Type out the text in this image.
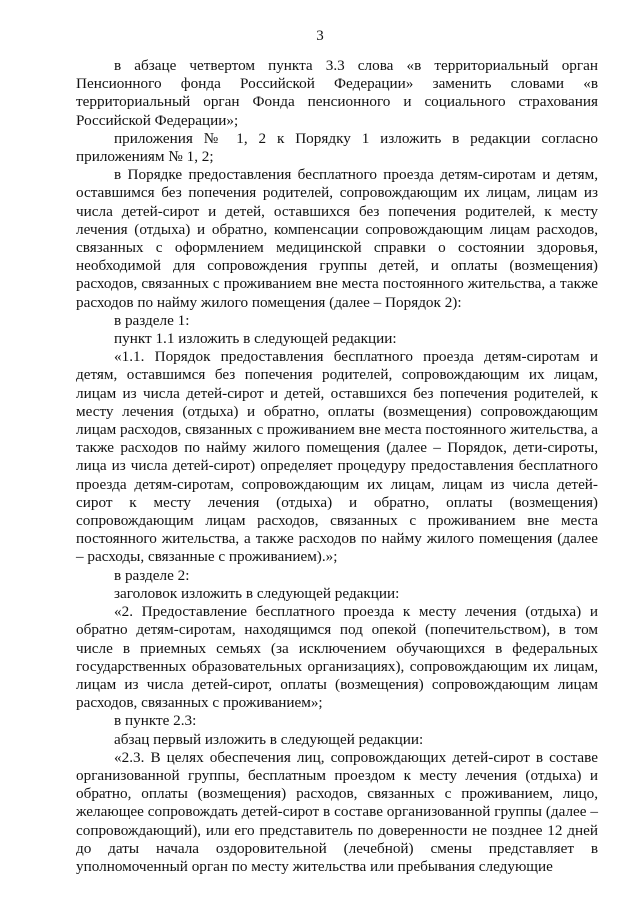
3

в абзаце четвертом пункта 3.3 слова «в территориальный орган Пенсионного фонда Российской Федерации» заменить словами «в территориальный орган Фонда пенсионного и социального страхования Российской Федерации»;

приложения № 1, 2 к Порядку 1 изложить в редакции согласно приложениям № 1, 2;

в Порядке предоставления бесплатного проезда детям-сиротам и детям, оставшимся без попечения родителей, сопровождающим их лицам, лицам из числа детей-сирот и детей, оставшихся без попечения родителей, к месту лечения (отдыха) и обратно, компенсации сопровождающим лицам расходов, связанных с оформлением медицинской справки о состоянии здоровья, необходимой для сопровождения группы детей, и оплаты (возмещения) расходов, связанных с проживанием вне места постоянного жительства, а также расходов по найму жилого помещения (далее – Порядок 2):

в разделе 1:

пункт 1.1 изложить в следующей редакции:

«1.1. Порядок предоставления бесплатного проезда детям-сиротам и детям, оставшимся без попечения родителей, сопровождающим их лицам, лицам из числа детей-сирот и детей, оставшихся без попечения родителей, к месту лечения (отдыха) и обратно, оплаты (возмещения) сопровождающим лицам расходов, связанных с проживанием вне места постоянного жительства, а также расходов по найму жилого помещения (далее – Порядок, дети-сироты, лица из числа детей-сирот) определяет процедуру предоставления бесплатного проезда детям-сиротам, сопровождающим их лицам, лицам из числа детей-сирот к месту лечения (отдыха) и обратно, оплаты (возмещения) сопровождающим лицам расходов, связанных с проживанием вне места постоянного жительства, а также расходов по найму жилого помещения (далее – расходы, связанные с проживанием).»;

в разделе 2:

заголовок изложить в следующей редакции:

«2. Предоставление бесплатного проезда к месту лечения (отдыха) и обратно детям-сиротам, находящимся под опекой (попечительством), в том числе в приемных семьях (за исключением обучающихся в федеральных государственных образовательных организациях), сопровождающим их лицам, лицам из числа детей-сирот, оплаты (возмещения) сопровождающим лицам расходов, связанных с проживанием»;

в пункте 2.3:

абзац первый изложить в следующей редакции:

«2.3. В целях обеспечения лиц, сопровождающих детей-сирот в составе организованной группы, бесплатным проездом к месту лечения (отдыха) и обратно, оплаты (возмещения) расходов, связанных с проживанием, лицо, желающее сопровождать детей-сирот в составе организованной группы (далее – сопровождающий), или его представитель по доверенности не позднее 12 дней до даты начала оздоровительной (лечебной) смены представляет в уполномоченный орган по месту жительства или пребывания следующие
